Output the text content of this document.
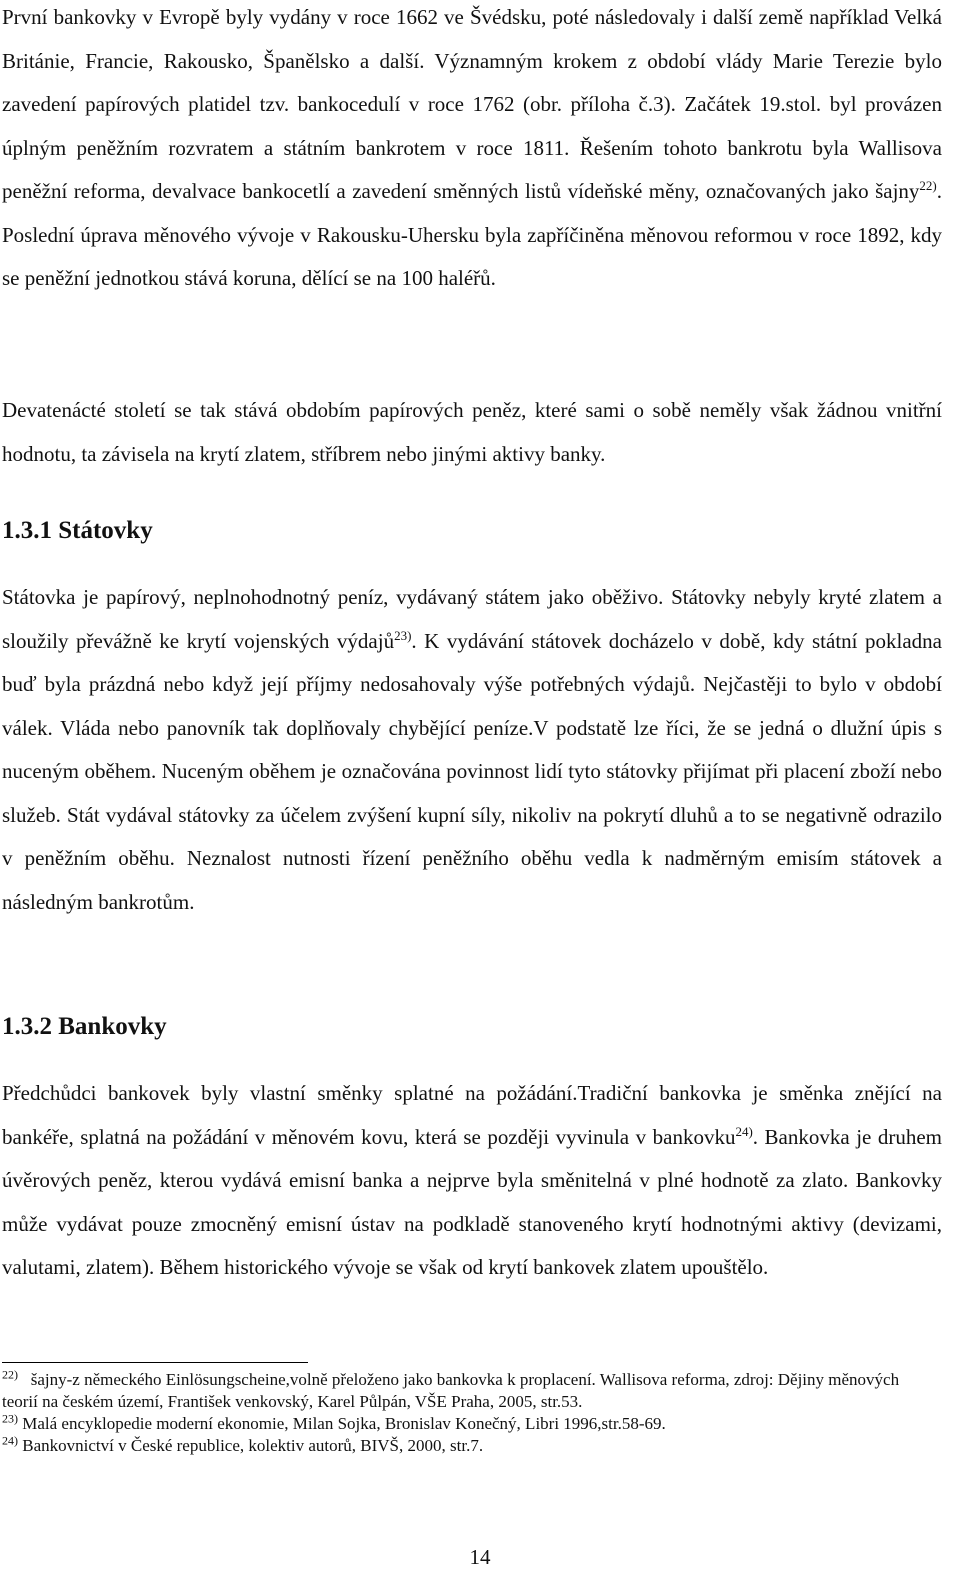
První bankovky v Evropě byly vydány v roce 1662 ve Švédsku, poté následovaly i další země například Velká Británie, Francie, Rakousko, Španělsko a další. Významným krokem z období vlády Marie Terezie bylo zavedení papírových platidel tzv. bankocedulí v roce 1762 (obr. příloha č.3). Začátek 19.stol. byl provázen úplným peněžním rozvratem a státním bankrotem v roce 1811. Řešením tohoto bankrotu byla Wallisova peněžní reforma, devalvace bankocetlí a zavedení směnných listů vídeňské měny, označovaných jako šajny$^{22)}$. Poslední úprava měnového vývoje v Rakousku-Uhersku byla zapříčiněna měnovou reformou v roce 1892, kdy se peněžní jednotkou stává koruna, dělící se na 100 haléřů.

Devatenácté století se tak stává obdobím papírových peněz, které sami o sobě neměly však žádnou vnitřní hodnotu, ta závisela na krytí zlatem, stříbrem nebo jinými aktivy banky.

1.3.1 Státovky

Státovka je papírový, neplnohodnotný peníz, vydávaný státem jako oběživo. Státovky nebyly kryté zlatem a sloužily převážně ke krytí vojenských výdajů$^{23)}$. K vydávání státovek docházelo v době, kdy státní pokladna buď byla prázdná nebo když její příjmy nedosahovaly výše potřebných výdajů. Nejčastěji to bylo v období válek. Vláda nebo panovník tak doplňovaly chybějící peníze.V podstatě lze říci, že se jedná o dlužní úpis s nuceným oběhem. Nuceným oběhem je označována povinnost lidí tyto státovky přijímat při placení zboží nebo služeb. Stát vydával státovky za účelem zvýšení kupní síly, nikoliv na pokrytí dluhů a to se negativně odrazilo v peněžním oběhu. Neznalost nutnosti řízení peněžního oběhu vedla k nadměrným emisím státovek a následným bankrotům.

1.3.2 Bankovky

Předchůdci bankovek byly vlastní směnky splatné na požádání.Tradiční bankovka je směnka znějící na bankéře, splatná na požádání v měnovém kovu, která se později vyvinula v bankovku$^{24)}$. Bankovka je druhem úvěrových peněz, kterou vydává emisní banka a nejprve byla směnitelná v plné hodnotě za zlato. Bankovky může vydávat pouze zmocněný emisní ústav na podkladě stanoveného krytí hodnotnými aktivy (devizami, valutami, zlatem). Během historického vývoje se však od krytí bankovek zlatem upouštělo.

$^{22)}$ šajny-z německého Einlösungscheine,volně přeloženo jako bankovka k proplacení. Wallisova reforma, zdroj: Dějiny měnových teorií na českém území, František venkovský, Karel Půlpán, VŠE Praha, 2005, str.53.

$^{23)}$ Malá encyklopedie moderní ekonomie, Milan Sojka, Bronislav Konečný, Libri 1996,str.58-69.

$^{24)}$ Bankovnictví v České republice, kolektiv autorů, BIVŠ, 2000, str.7.

14
